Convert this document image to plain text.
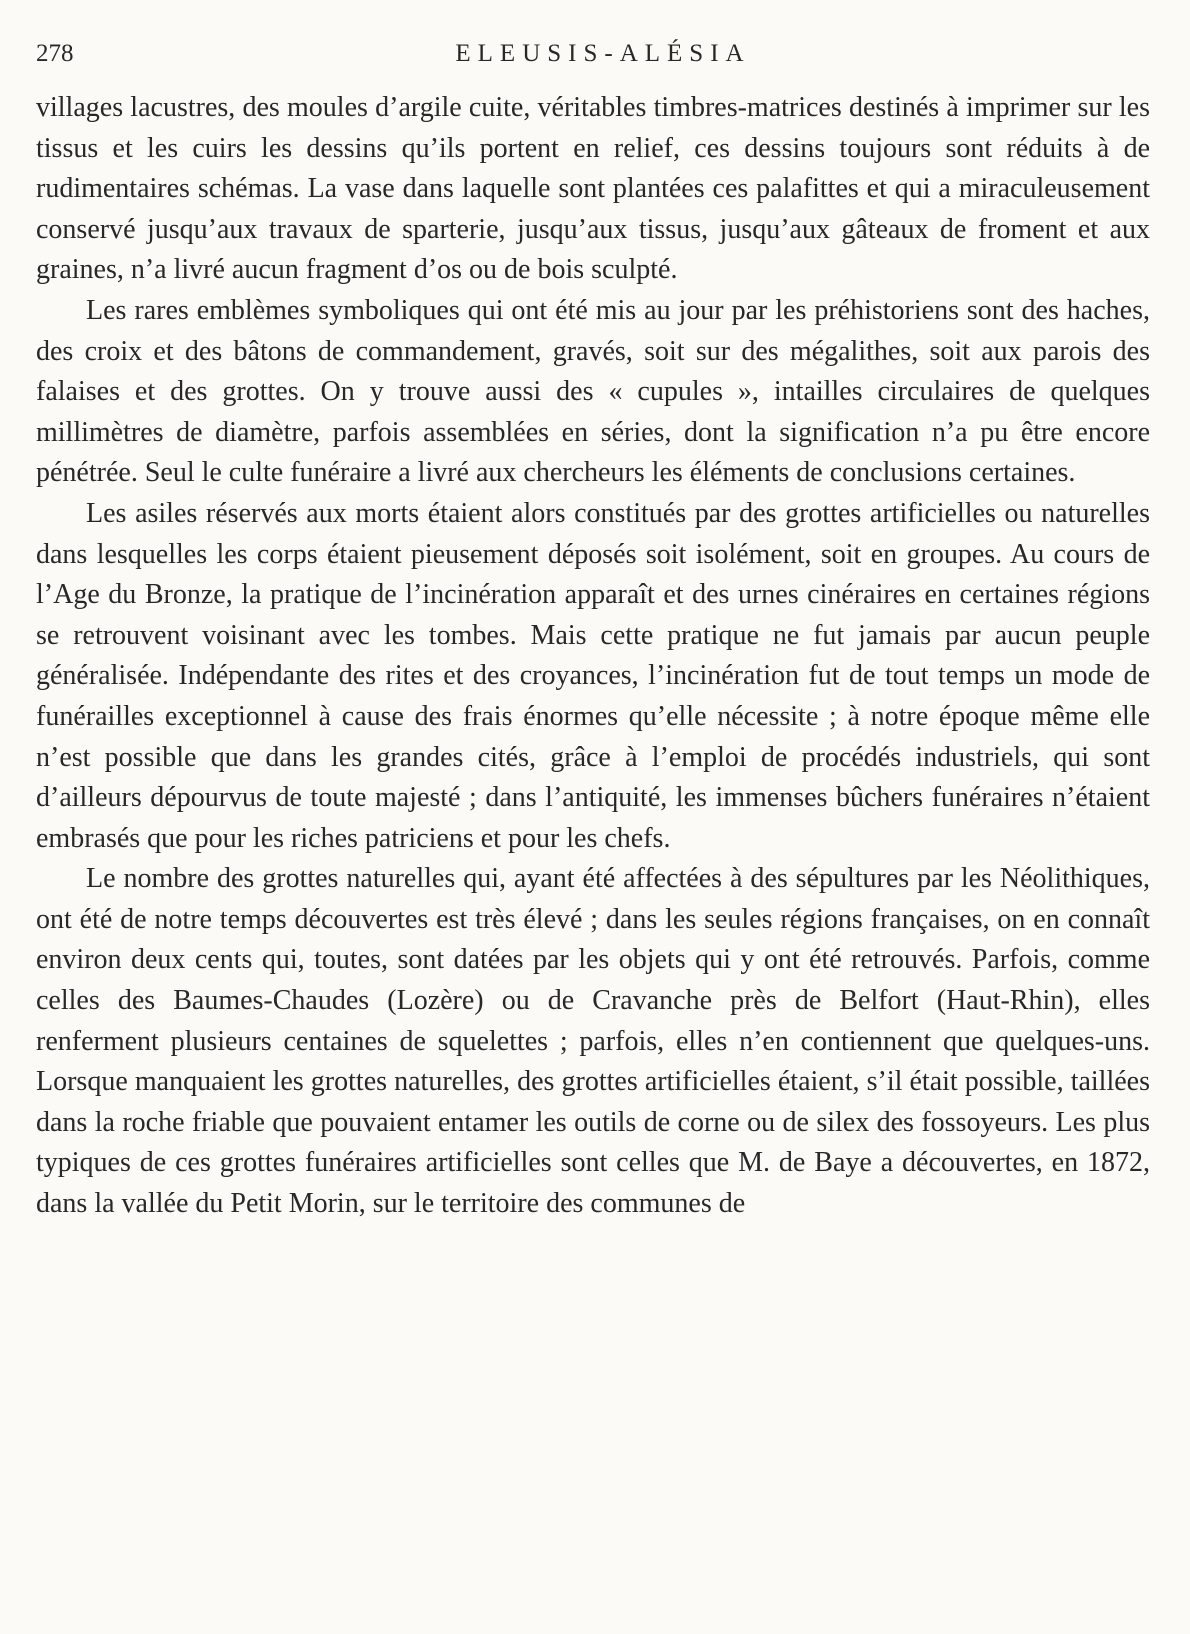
278	ELEUSIS-ALÉSIA

villages lacustres, des moules d’argile cuite, véritables timbres-matrices destinés à imprimer sur les tissus et les cuirs les dessins qu’ils portent en relief, ces dessins toujours sont réduits à de rudimentaires schémas. La vase dans laquelle sont plantées ces palafittes et qui a miraculeusement conservé jusqu’aux travaux de sparterie, jusqu’aux tissus, jusqu’aux gâteaux de froment et aux graines, n’a livré aucun fragment d’os ou de bois sculpté.

Les rares emblèmes symboliques qui ont été mis au jour par les préhistoriens sont des haches, des croix et des bâtons de commandement, gravés, soit sur des mégalithes, soit aux parois des falaises et des grottes. On y trouve aussi des « cupules », intailles circulaires de quelques millimètres de diamètre, parfois assemblées en séries, dont la signification n’a pu être encore pénétrée. Seul le culte funéraire a livré aux chercheurs les éléments de conclusions certaines.

Les asiles réservés aux morts étaient alors constitués par des grottes artificielles ou naturelles dans lesquelles les corps étaient pieusement déposés soit isolément, soit en groupes. Au cours de l’Age du Bronze, la pratique de l’incinération apparaît et des urnes cinéraires en certaines régions se retrouvent voisinant avec les tombes. Mais cette pratique ne fut jamais par aucun peuple généralisée. Indépendante des rites et des croyances, l’incinération fut de tout temps un mode de funérailles exceptionnel à cause des frais énormes qu’elle nécessite ; à notre époque même elle n’est possible que dans les grandes cités, grâce à l’emploi de procédés industriels, qui sont d’ailleurs dépourvus de toute majesté ; dans l’antiquité, les immenses bûchers funéraires n’étaient embrasés que pour les riches patriciens et pour les chefs.

Le nombre des grottes naturelles qui, ayant été affectées à des sépultures par les Néolithiques, ont été de notre temps découvertes est très élevé ; dans les seules régions françaises, on en connaît environ deux cents qui, toutes, sont datées par les objets qui y ont été retrouvés. Parfois, comme celles des Baumes-Chaudes (Lozère) ou de Cravanche près de Belfort (Haut-Rhin), elles renferment plusieurs centaines de squelettes ; parfois, elles n’en contiennent que quelques-uns. Lorsque manquaient les grottes naturelles, des grottes artificielles étaient, s’il était possible, taillées dans la roche friable que pouvaient entamer les outils de corne ou de silex des fossoyeurs. Les plus typiques de ces grottes funéraires artificielles sont celles que M. de Baye a découvertes, en 1872, dans la vallée du Petit Morin, sur le territoire des communes de
